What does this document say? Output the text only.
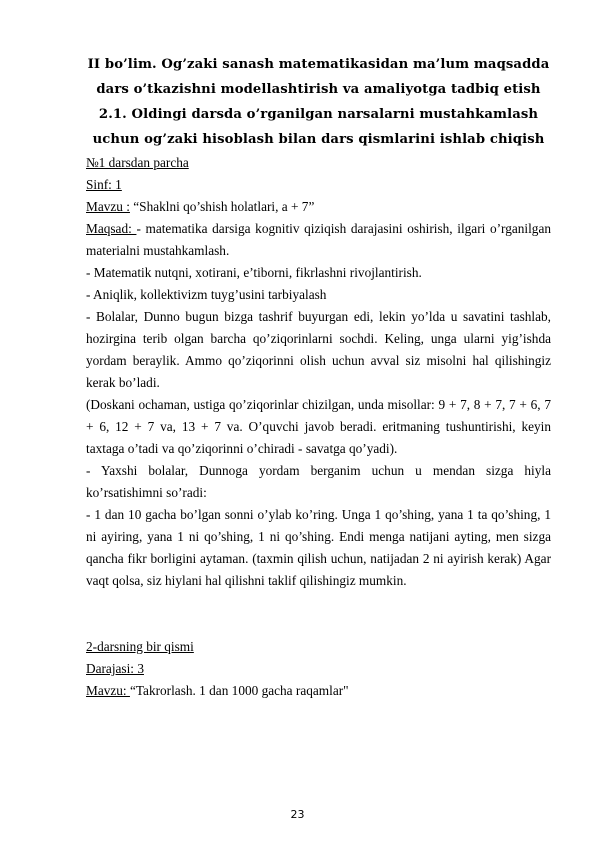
II bo’lim. Og’zaki sanash matematikasidan ma’lum maqsadda dars o’tkazishni modellashtirish va amaliyotga tadbiq etish

2.1. Oldingi darsda o’rganilgan narsalarni mustahkamlash uchun og’zaki hisoblash bilan dars qismlarini ishlab chiqish

№1 darsdan parcha

Sinf: 1

Mavzu : “Shaklni qo’shish holatlari, a + 7”

Maqsad: - matematika darsiga kognitiv qiziqish darajasini oshirish, ilgari o’rganilgan materialni mustahkamlash.

- Matematik nutqni, xotirani, e’tiborni, fikrlashni rivojlantirish.

- Aniqlik, kollektivizm tuyg’usini tarbiyalash

- Bolalar, Dunno bugun bizga tashrif buyurgan edi, lekin yo’lda u savatini tashlab, hozirgina terib olgan barcha qo’ziqorinlarni sochdi. Keling, unga ularni yig’ishda yordam beraylik. Ammo qo’ziqorinni olish uchun avval siz misolni hal qilishingiz kerak bo’ladi.

(Doskani ochaman, ustiga qo’ziqorinlar chizilgan, unda misollar: 9 + 7, 8 + 7, 7 + 6, 7 + 6, 12 + 7 va, 13 + 7 va. O’quvchi javob beradi. eritmaning tushuntirishi, keyin taxtaga o’tadi va qo’ziqorinni o’chiradi - savatga qo’yadi).

- Yaxshi bolalar, Dunnoga yordam berganim uchun u mendan sizga hiyla ko’rsatishimni so’radi:

- 1 dan 10 gacha bo’lgan sonni o’ylab ko’ring. Unga 1 qo’shing, yana 1 ta qo’shing, 1 ni ayiring, yana 1 ni qo’shing, 1 ni qo’shing. Endi menga natijani ayting, men sizga qancha fikr borligini aytaman. (taxmin qilish uchun, natijadan 2 ni ayirish kerak) Agar vaqt qolsa, siz hiylani hal qilishni taklif qilishingiz mumkin.

2-darsning bir qismi

Darajasi: 3

Mavzu: “Takrorlash. 1 dan 1000 gacha raqamlar"

23
